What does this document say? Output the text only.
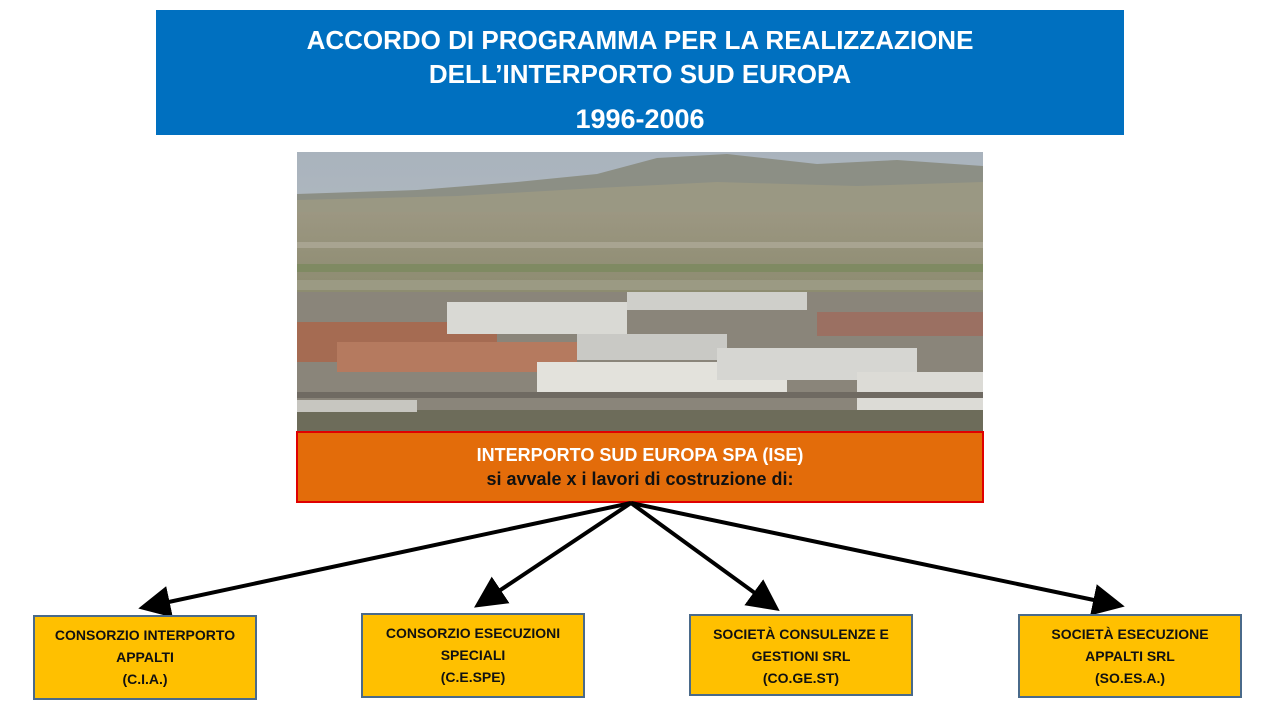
ACCORDO DI PROGRAMMA PER LA REALIZZAZIONE
DELL’INTERPORTO SUD EUROPA
1996-2006
INTERPORTO SUD EUROPA SPA (ISE)
si avvale x i lavori di costruzione di:
CONSORZIO INTERPORTO
APPALTI
(C.I.A.)
CONSORZIO ESECUZIONI
SPECIALI
(C.E.SPE)
SOCIETÀ CONSULENZE E
GESTIONI SRL
(CO.GE.ST)
SOCIETÀ ESECUZIONE
APPALTI SRL
(SO.ES.A.)
